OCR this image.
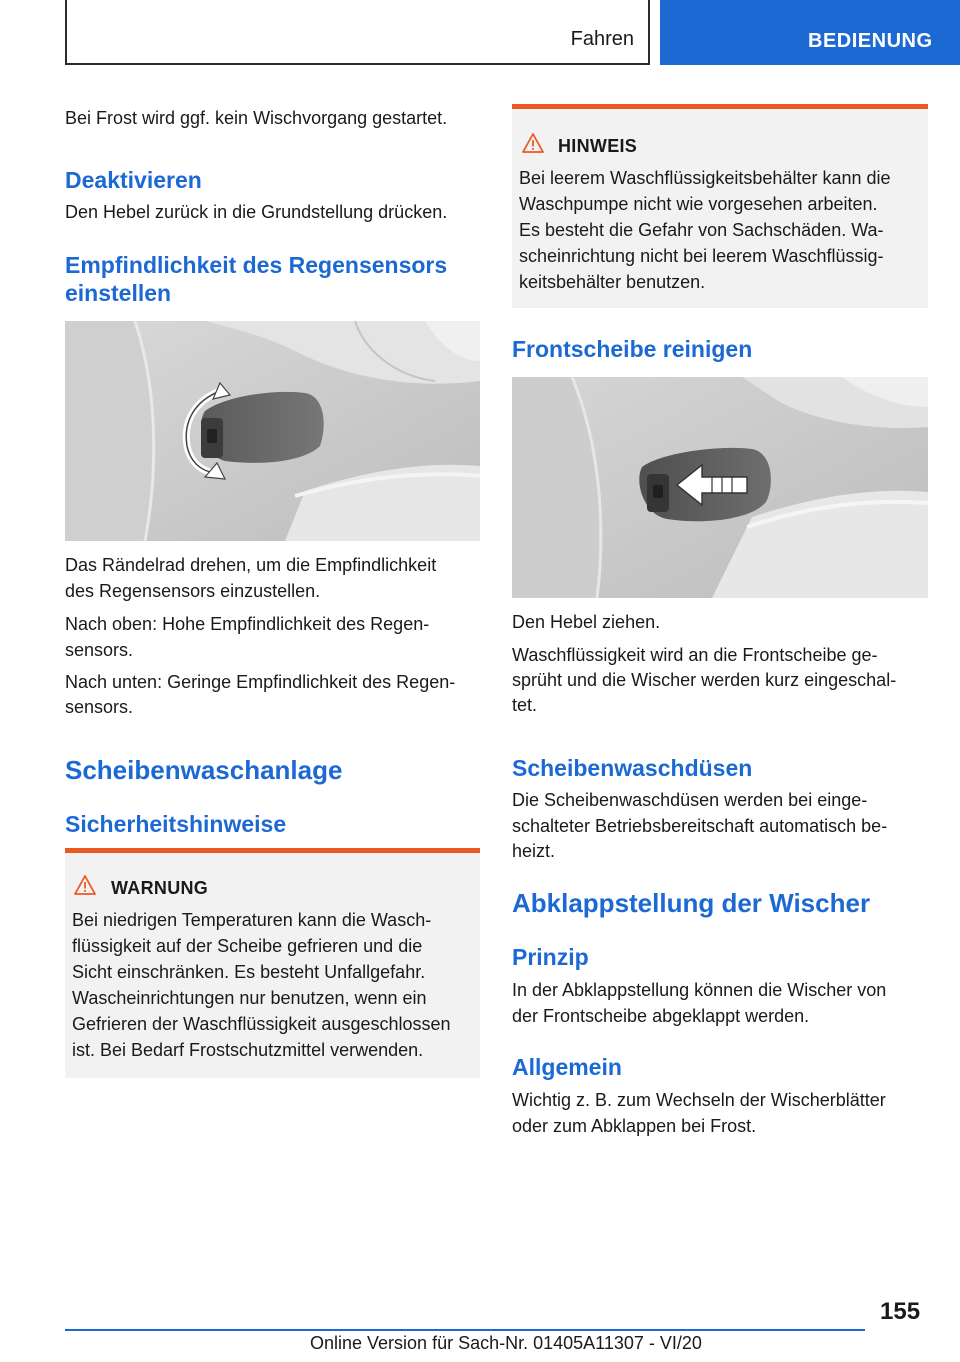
Fahren	BEDIENUNG
Bei Frost wird ggf. kein Wischvorgang gestartet.
Deaktivieren
Den Hebel zurück in die Grundstellung drücken.
Empfindlichkeit des Regensensors
einstellen
Das Rändelrad drehen, um die Empfindlichkeit
des Regensensors einzustellen.
Nach oben: Hohe Empfindlichkeit des Regen‐
sensors.
Nach unten: Geringe Empfindlichkeit des Regen‐
sensors.
Scheibenwaschanlage
Sicherheitshinweise
WARNUNG
Bei niedrigen Temperaturen kann die Wasch‐
flüssigkeit auf der Scheibe gefrieren und die
Sicht einschränken. Es besteht Unfallgefahr.
Wascheinrichtungen nur benutzen, wenn ein
Gefrieren der Waschflüssigkeit ausgeschlossen
ist. Bei Bedarf Frostschutzmittel verwenden.
HINWEIS
Bei leerem Waschflüssigkeitsbehälter kann die
Waschpumpe nicht wie vorgesehen arbeiten.
Es besteht die Gefahr von Sachschäden. Wa‐
scheinrichtung nicht bei leerem Waschflüssig‐
keitsbehälter benutzen.
Frontscheibe reinigen
Den Hebel ziehen.
Waschflüssigkeit wird an die Frontscheibe ge‐
sprüht und die Wischer werden kurz eingeschal‐
tet.
Scheibenwaschdüsen
Die Scheibenwaschdüsen werden bei einge‐
schalteter Betriebsbereitschaft automatisch be‐
heizt.
Abklappstellung der Wischer
Prinzip
In der Abklappstellung können die Wischer von
der Frontscheibe abgeklappt werden.
Allgemein
Wichtig z. B. zum Wechseln der Wischerblätter
oder zum Abklappen bei Frost.
155
Online Version für Sach-Nr. 01405A11307 - VI/20
